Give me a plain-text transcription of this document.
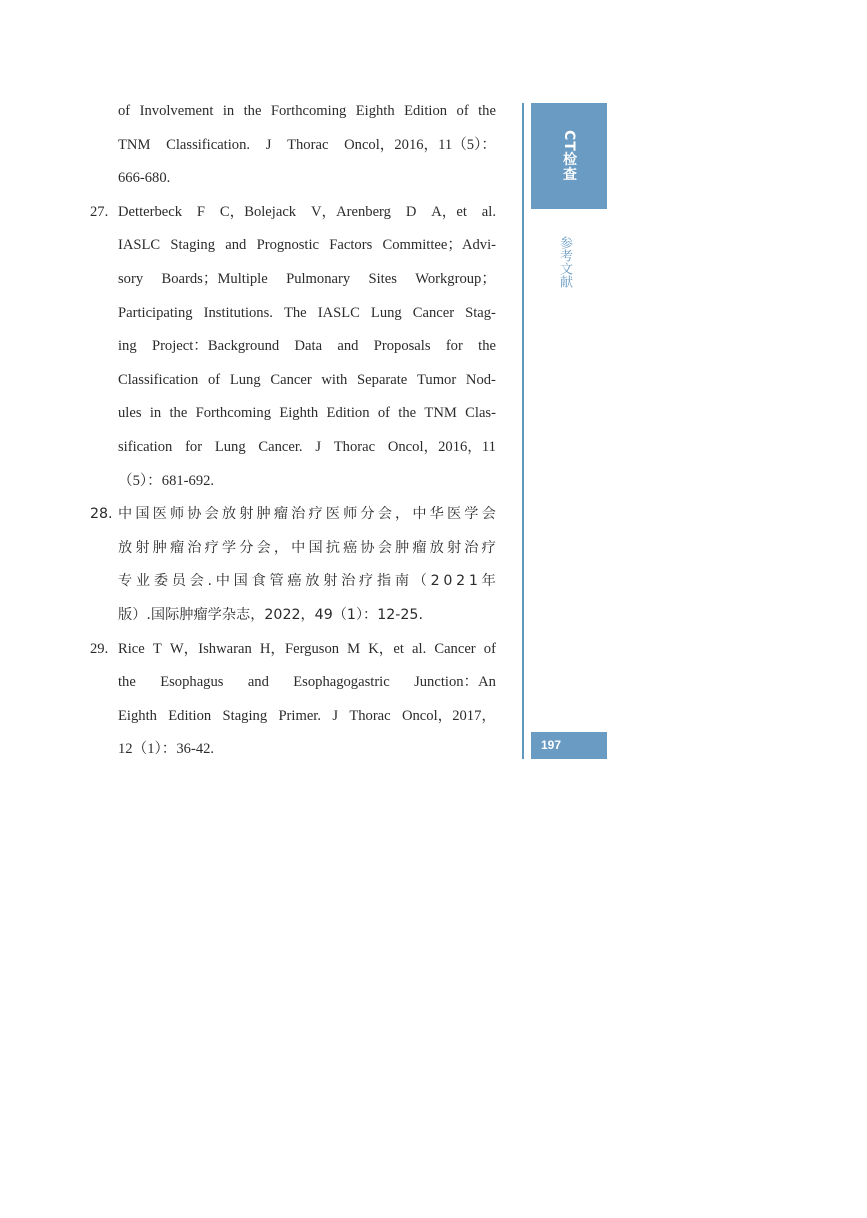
of Involvement in the Forthcoming Eighth Edition of the
TNM Classification. J Thorac Oncol，2016，11（5）：
666-680.
27. Detterbeck F C，Bolejack V，Arenberg D A，et al.
IASLC Staging and Prognostic Factors Committee；Advi-
sory Boards；Multiple Pulmonary Sites Workgroup；
Participating Institutions. The IASLC Lung Cancer Stag-
ing Project：Background Data and Proposals for the
Classification of Lung Cancer with Separate Tumor Nod-
ules in the Forthcoming Eighth Edition of the TNM Clas-
sification for Lung Cancer. J Thorac Oncol，2016，11
（5）：681-692.
28. 中 国 医 师 协 会 放 射 肿 瘤 治 疗 医 师 分 会 ， 中 华 医 学 会
放 射 肿 瘤 治 疗 学 分 会 ， 中 国 抗 癌 协 会 肿 瘤 放 射 治 疗
专 业 委 员 会 . 中 国 食 管 癌 放 射 治 疗 指 南 （ 2 0 2 1 年
版）.国际肿瘤学杂志，2022，49（1）：12-25.
29. Rice T W，Ishwaran H，Ferguson M K，et al. Cancer of
the Esophagus and Esophagogastric Junction：An
Eighth Edition Staging Primer. J Thorac Oncol，2017，
12（1）：36-42.
CT检查
参考文献
197
